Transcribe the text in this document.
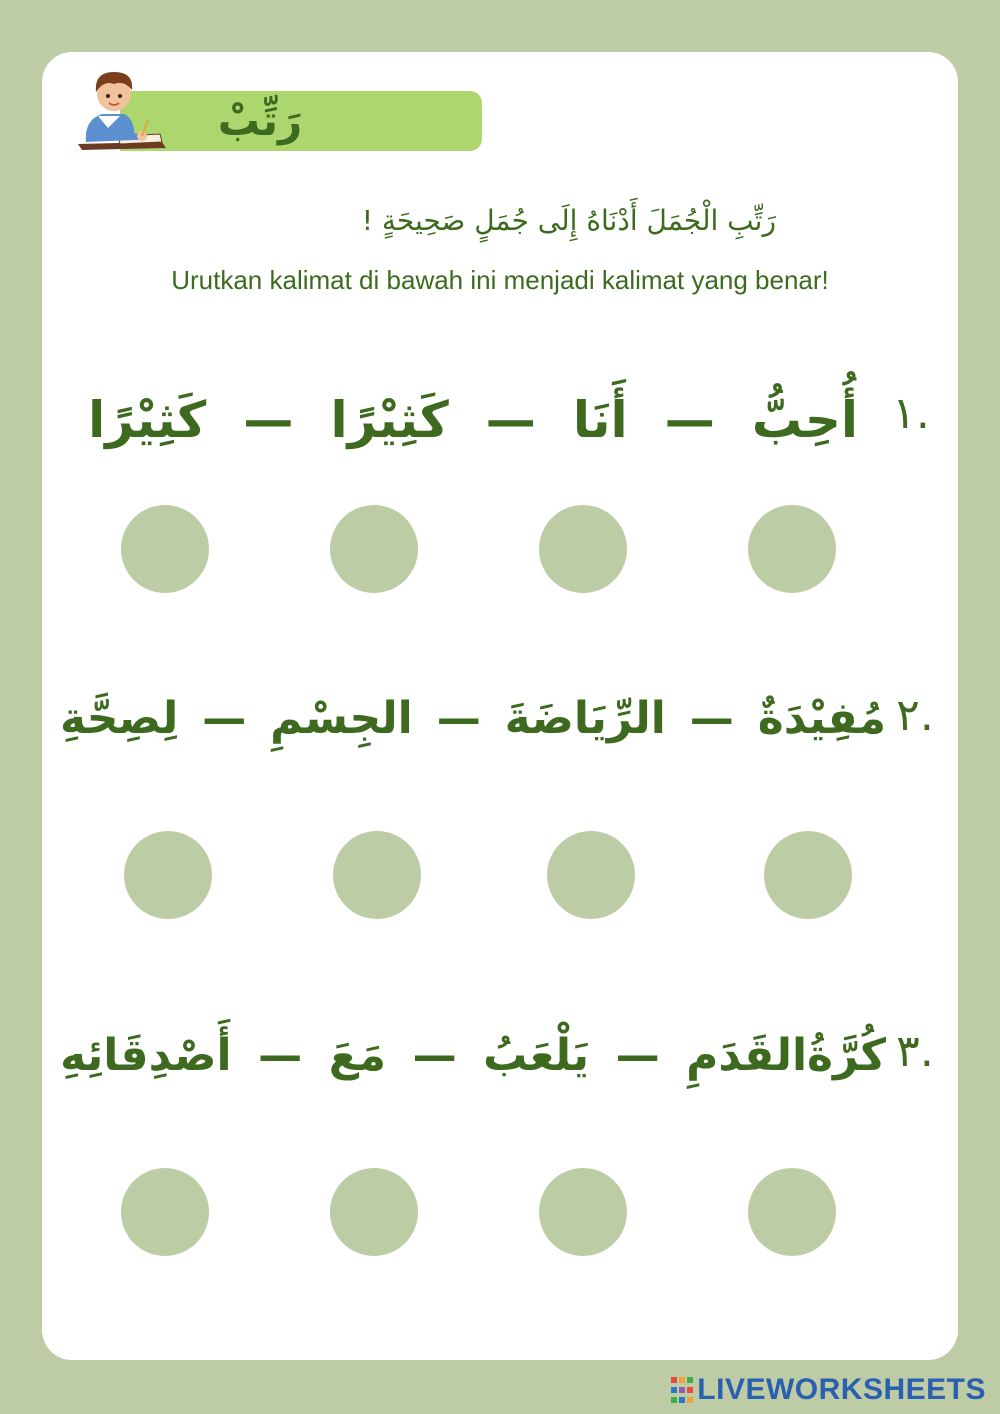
رَتِّبْ
رَتِّبِ الْجُمَلَ أَدْنَاهُ إِلَى جُمَلٍ صَحِيحَةٍ !
Urutkan kalimat di bawah ini menjadi kalimat yang benar!
١.
أُحِبُّ
—
أَنَا
—
كَثِيْرًا
—
كَثِيْرًا
٢.
مُفِيْدَةٌ
—
الرِّيَاضَةَ
—
الجِسْمِ
—
لِصِحَّةِ
٣.
كُرَّةُالقَدَمِ
—
يَلْعَبُ
—
مَعَ
—
أَصْدِقَائِهِ
LIVEWORKSHEETS
